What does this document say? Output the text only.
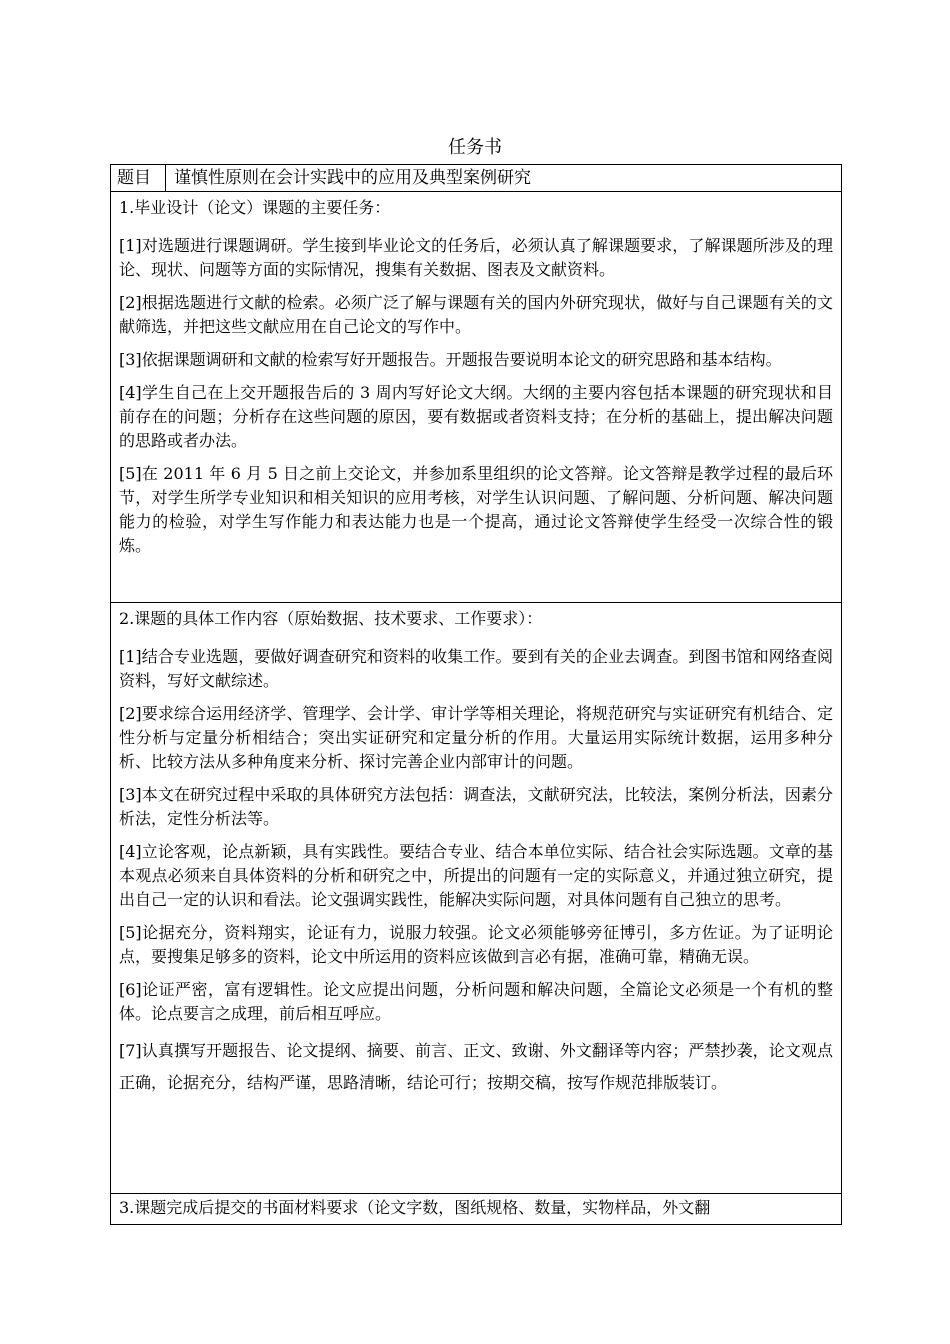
任务书
题目	谨慎性原则在会计实践中的应用及典型案例研究

1.毕业设计（论文）课题的主要任务：

[1]对选题进行课题调研。学生接到毕业论文的任务后，必须认真了解课题要求，了解课题所涉及的理论、现状、问题等方面的实际情况，搜集有关数据、图表及文献资料。

[2]根据选题进行文献的检索。必须广泛了解与课题有关的国内外研究现状，做好与自己课题有关的文献筛选，并把这些文献应用在自己论文的写作中。

[3]依据课题调研和文献的检索写好开题报告。开题报告要说明本论文的研究思路和基本结构。

[4]学生自己在上交开题报告后的 3 周内写好论文大纲。大纲的主要内容包括本课题的研究现状和目前存在的问题；分析存在这些问题的原因，要有数据或者资料支持；在分析的基础上，提出解决问题的思路或者办法。

[5]在 2011 年 6 月 5 日之前上交论文，并参加系里组织的论文答辩。论文答辩是教学过程的最后环节，对学生所学专业知识和相关知识的应用考核，对学生认识问题、了解问题、分析问题、解决问题能力的检验，对学生写作能力和表达能力也是一个提高，通过论文答辩使学生经受一次综合性的锻炼。

2.课题的具体工作内容（原始数据、技术要求、工作要求）：

[1]结合专业选题，要做好调查研究和资料的收集工作。要到有关的企业去调查。到图书馆和网络查阅资料，写好文献综述。

[2]要求综合运用经济学、管理学、会计学、审计学等相关理论，将规范研究与实证研究有机结合、定性分析与定量分析相结合；突出实证研究和定量分析的作用。大量运用实际统计数据，运用多种分析、比较方法从多种角度来分析、探讨完善企业内部审计的问题。

[3]本文在研究过程中采取的具体研究方法包括：调查法，文献研究法，比较法，案例分析法，因素分析法，定性分析法等。

[4]立论客观，论点新颖，具有实践性。要结合专业、结合本单位实际、结合社会实际选题。文章的基本观点必须来自具体资料的分析和研究之中，所提出的问题有一定的实际意义，并通过独立研究，提出自己一定的认识和看法。论文强调实践性，能解决实际问题，对具体问题有自己独立的思考。

[5]论据充分，资料翔实，论证有力，说服力较强。论文必须能够旁征博引，多方佐证。为了证明论点，要搜集足够多的资料，论文中所运用的资料应该做到言必有据，准确可靠，精确无误。

[6]论证严密，富有逻辑性。论文应提出问题，分析问题和解决问题，全篇论文必须是一个有机的整体。论点要言之成理，前后相互呼应。

[7]认真撰写开题报告、论文提纲、摘要、前言、正文、致谢、外文翻译等内容；严禁抄袭，论文观点正确，论据充分，结构严谨，思路清晰，结论可行；按期交稿，按写作规范排版装订。

3.课题完成后提交的书面材料要求（论文字数，图纸规格、数量，实物样品，外文翻
